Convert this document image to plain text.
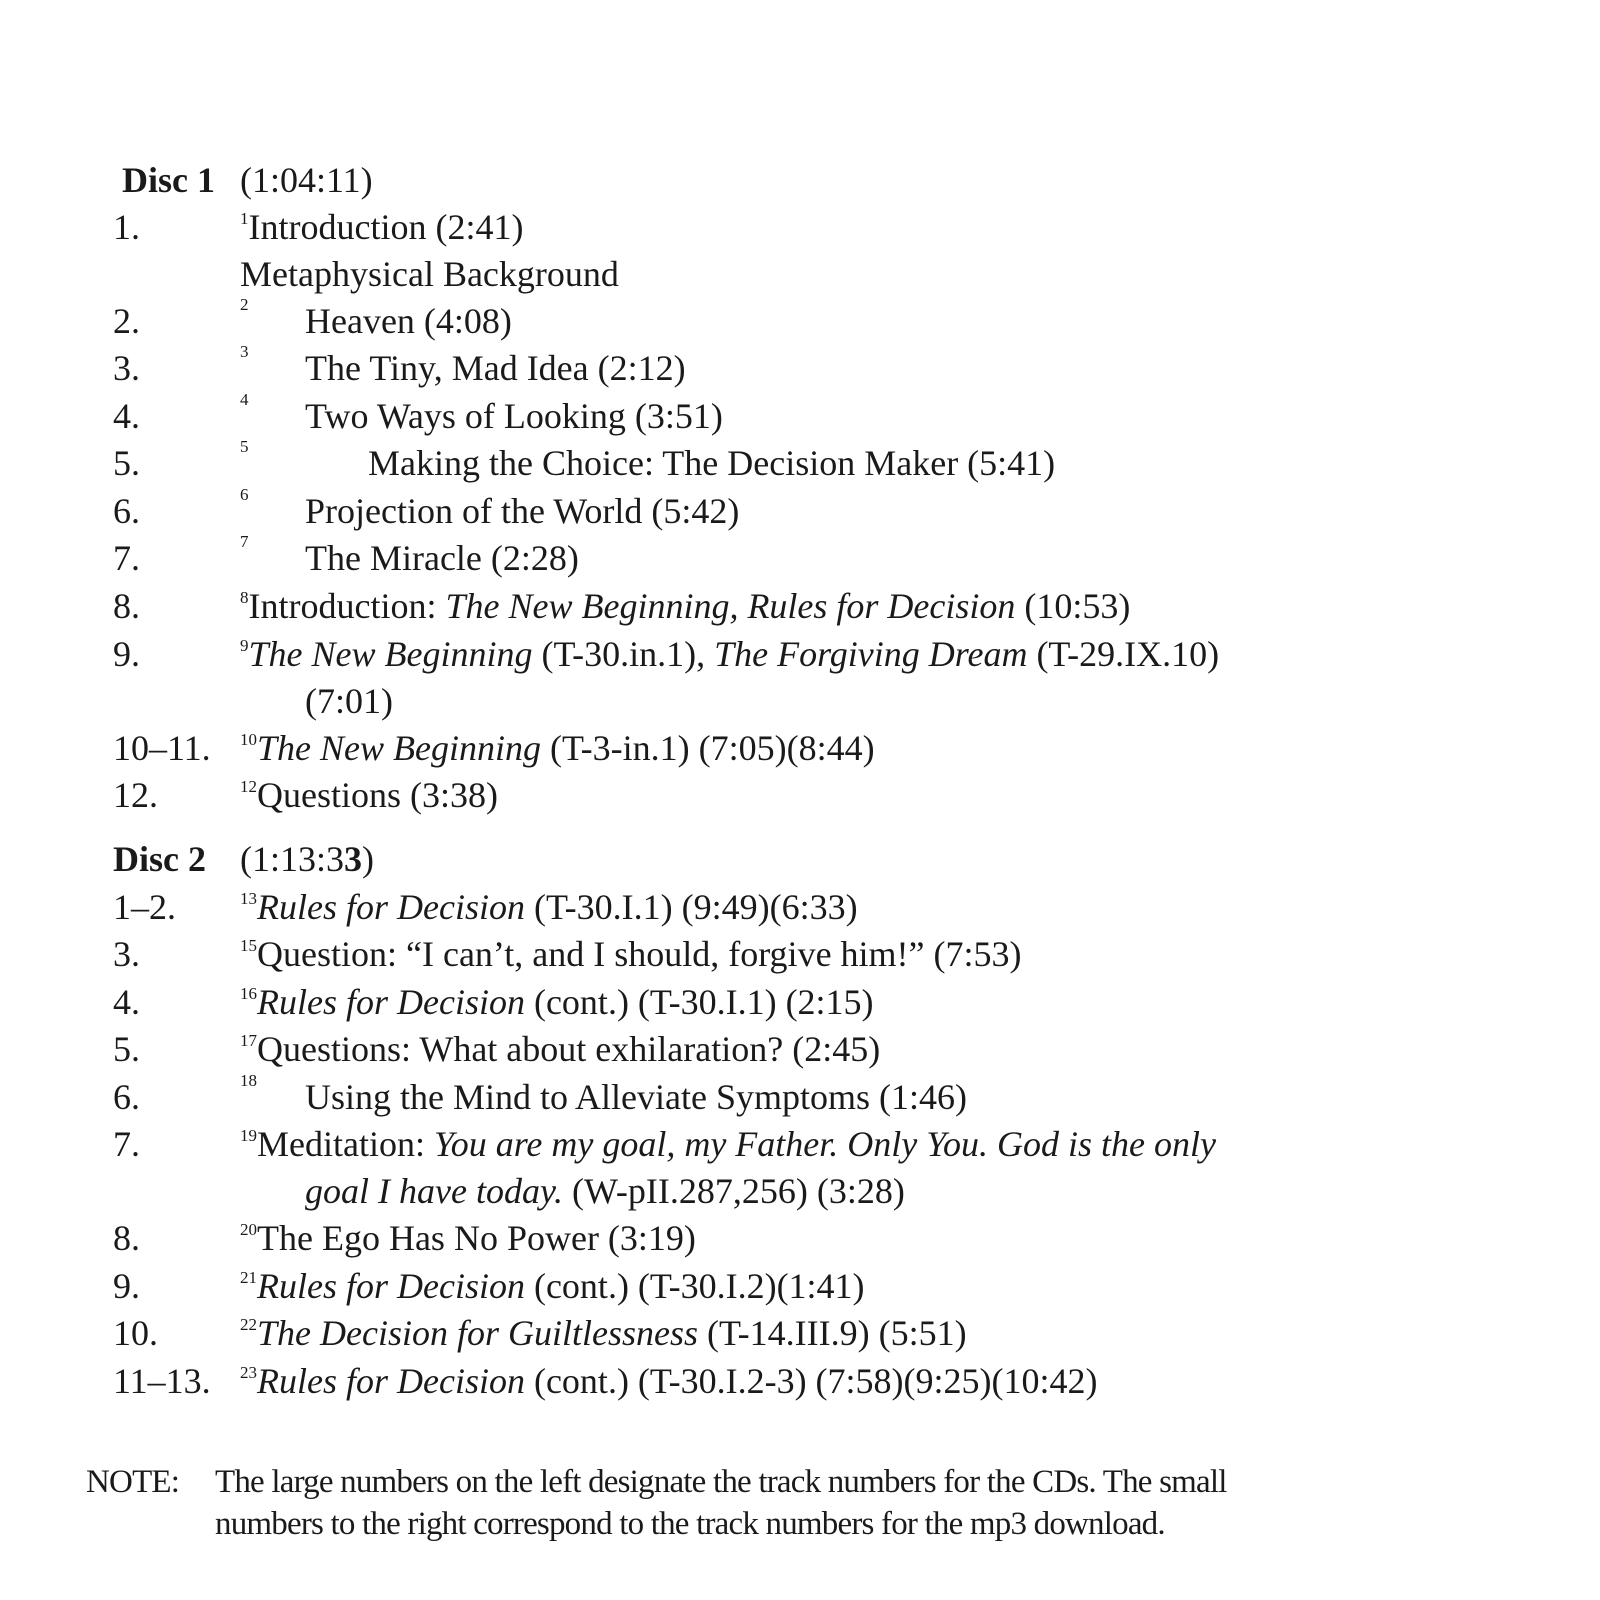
Disc 1 (1:04:11)
1.	$^1$Introduction (2:41)
Metaphysical Background
2.	2 Heaven (4:08)
3.	3 The Tiny, Mad Idea (2:12)
4.	4 Two Ways of Looking (3:51)
5.	5	Making the Choice: The Decision Maker (5:41)
6.	6 Projection of the World (5:42)
7.	7 The Miracle (2:28)
8.	$^8$Introduction: The New Beginning, Rules for Decision (10:53)
9.	$^9$The New Beginning (T-30.in.1), The Forgiving Dream (T-29.IX.10)
(7:01)
10–11. $^{10}$The New Beginning (T-3-in.1) (7:05)(8:44)
12.	$^{12}$Questions (3:38)
Disc 2 (1:13:33)
1–2.	$^{13}$Rules for Decision (T-30.I.1) (9:49)(6:33)
3.	$^{15}$Question: “I can’t, and I should, forgive him!” (7:53)
4.	$^{16}$Rules for Decision (cont.) (T-30.I.1) (2:15)
5.	$^{17}$Questions: What about exhilaration? (2:45)
6.	18 Using the Mind to Alleviate Symptoms (1:46)
7.	$^{19}$Meditation: You are my goal, my Father. Only You. God is the only
goal I have today. (W-pII.287,256) (3:28)
8.	$^{20}$The Ego Has No Power (3:19)
9.	$^{21}$Rules for Decision (cont.) (T-30.I.2)(1:41)
10.	$^{22}$The Decision for Guiltlessness (T-14.III.9) (5:51)
11–13. $^{23}$Rules for Decision (cont.) (T-30.I.2-3) (7:58)(9:25)(10:42)
NOTE: The large numbers on the left designate the track numbers for the CDs. The small
numbers to the right correspond to the track numbers for the mp3 download.
